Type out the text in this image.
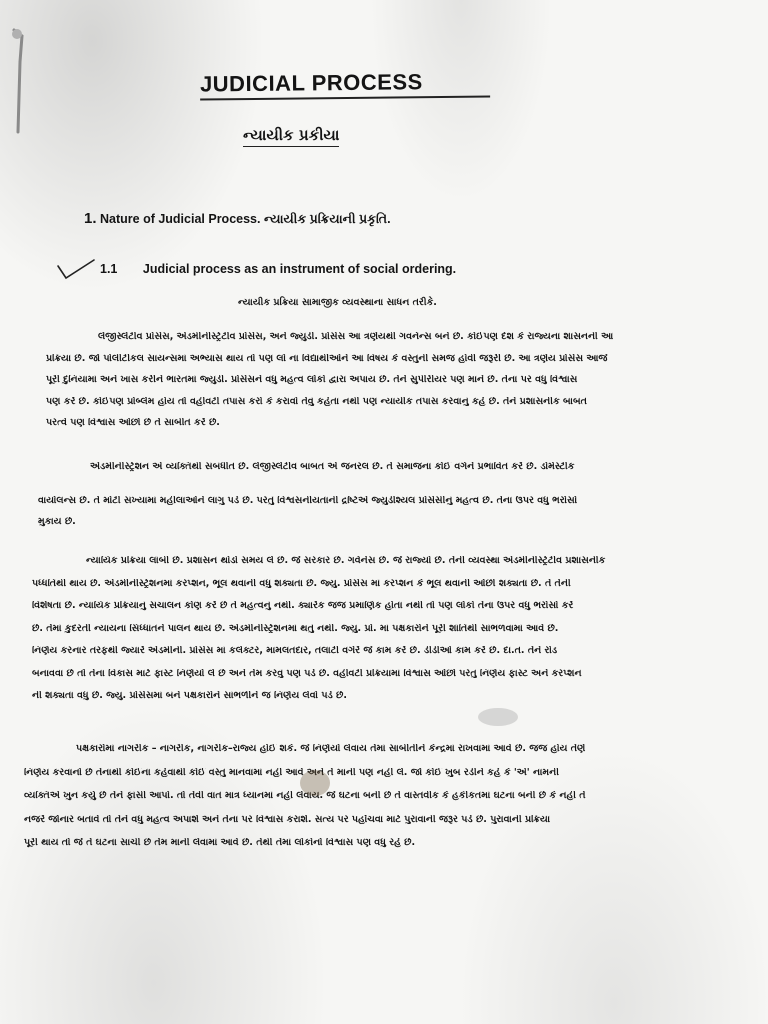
JUDICIAL PROCESS
ન્યાયીક પ્રકીયા
1. Nature of Judicial Process. ન્યાયીક પ્રક્રિયાની પ્રકૃતિ.
1.1 Judicial process as an instrument of social ordering.
ન્યાયીક પ્રક્રિયા સામાજીક વ્યવસ્થાના સાધન તરીકે.
લેજીસ્લેટીવ પ્રોસેસ, એડમીનીસ્ટ્રેટીવ પ્રોસેસ, અને જ્યુડી. પ્રોસેસ આ ત્રણેયથી ગવર્નન્સ બને છે. કોઈપણ દેશ કે રાજ્યના શાસનની આ
પ્રક્રિયા છે. જો પોલીટીકલ સાયન્સમાં અભ્યાસ થાય તો પણ લો ના વિદ્યાર્થીઓને આ વિષય કે વસ્તુની સમજ હોવી જરૂરી છે. આ ત્રણેય પ્રોસેસ આજે
પૂરી દુનિયામાં અને ખાસ કરીને ભારતમાં જ્યુડી. પ્રોસેસને વધુ મહત્વ લોકો દ્વારા અપાય છે. તેને સુપીરીયર પણ માને છે. તેના પર વધુ વિશ્વાસ
પણ કરે છે. કોઈપણ પ્રોબ્લેમ હોય તો વહીવટી તપાસ કરો કે કરાવો તેવું કહેતા નથી પણ ન્યાયીક તપાસ કરવાનું કહે છે. તેને પ્રશાસનીક બાબત
પરત્વે પણ વિશ્વાસ ઓછો છે તે સાબીત કરે છે.
એડમીનીસ્ટ્રેશન એ વ્યક્તિથી સંબંધીત છે. લેજીસ્લેટીવ બાબત એ જનરલ છે. તે સમાજના કોઈ વર્ગને પ્રભાવિત કરે છે. ડોમેસ્ટીક
વાયોલન્સ છે. તે મોટી સંખ્યામાં મહીલાઓને લાગુ પડે છે. પરંતું વિશ્વસનીયતાની દ્રષ્ટિએ જ્યુડીશ્યલ પ્રોસેસીનું મહત્વ છે. તેના ઉપર વધુ ભરોસો
મુકાય છે.
ન્યાયિક પ્રક્રિયા લાંબી છે. પ્રશાસન થોડો સમય લે છે. જે સરકાર છે. ગર્વનેસ છે. જે રાજ્યો છે. તેની વ્યવસ્થા એડમીનીસ્ટ્રેટીવ પ્રશાસનીક
પધ્ધતિથી થાય છે. એડમીનીસ્ટ્રેશનમાં કરપ્શન, ભૂલ થવાની વધુ શક્યતા છે. જ્યુ. પ્રોસેસ માં કરપ્શન કે ભૂલ થવાની ઓછી શક્યતા છે. તે તેની
વિશેષતા છે. ન્યાયિક પ્રક્રિયાનું સંચાલન કોણ કરે છે તે મહત્વનું નથી. ક્યારેક જજ પ્રમાણિક હોતા નથી તો પણ લોકો તેના ઉપર વધુ ભરોસો કરે
છે. તેમાં કુદરતી ન્યાયના સિધ્ધાંતને પાલન થાય છે. એડમીનીસ્ટ્રેશનમાં થતું નથી. જ્યુ. પ્રો. માં પક્ષકારોને પૂરી શાંતિથી સાંભળવામાં આવે છે.
નિર્ણય કરનાર તરફથી જ્યારે એડમીની. પ્રોસેસ માં કલેક્ટર, મામલતદાર, તલાટી વગેરે જે કામ કરે છે. ડીડીઓ કામ કરે છે. દા.ત. તેને રોડ
બનાવવા છે તો તેના વિકાસ માટે ફાસ્ટ નિર્ણયો લે છે અને તેમ કરવું પણ પડે છે. વહીવટી પ્રક્રિયામાં વિશ્વાસ ઓછો પરંતુ નિર્ણય ફાસ્ટ અને કરપ્શન
ની શક્યતા વધુ છે. જ્યુ. પ્રોસેસમાં બંને પક્ષકારોને સાંભળીને જ નિર્ણય લેવો પડે છે.
પક્ષકારોમાં નાગરીક – નાગરીક, નાગરીક–રાજ્ય હોઈ શકે. જે નિર્ણયો લેવાય તેમાં સાબીતીને કેન્દ્રમાં રાખવામાં આવે છે. જજ હોય તેણે
નિર્ણય કરવાનો છે તેનાથી કોઈના કહેવાથી કોઈ વસ્તુ માનવામાં નહી આવે અને તે માની પણ નહી લે. જો કોઈ ખુબ રડીને કહે કે 'એ' નામની
વ્યક્તિએ ખુન કર્યુ છે તેને ફાંસી આપો. તો તેવી વાત માત્ર ધ્યાનમાં નહી લેવાય. જે ઘટના બની છે તે વાસ્તવીક કે હકીકતમાં ઘટના બની છે કે નહી તે
નજરે જોનાર બતાવે તો તેને વધુ મહત્વ અપાશે અને તેના પર વિશ્વાસ કરાશે. સત્ય પર પહોંચવા માટે પુરાવાની જરૂર પડે છે. પુરાવાની પ્રક્રિયા
પૂરી થાય તો જે તે ઘટના સાચી છે તેમ માની લેવામાં આવે છે. તેથી તેમાં લોકોનો વિશ્વાસ પણ વધુ રહે છે.
